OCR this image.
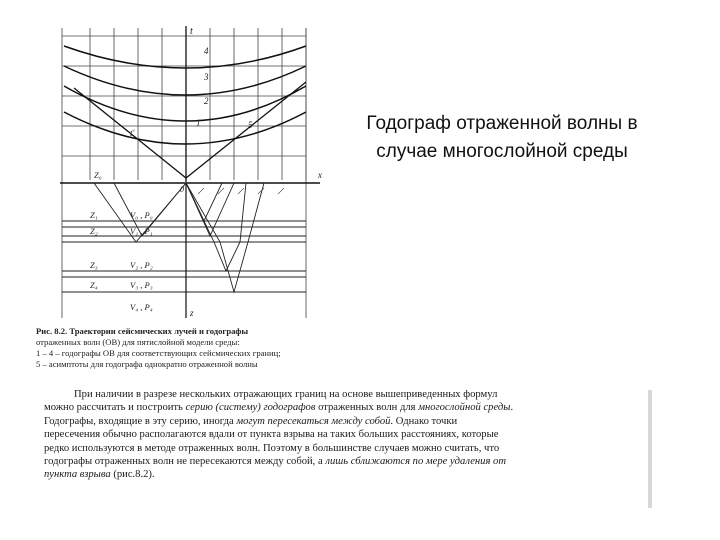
Годограф отраженной волны в
случае многослойной среды
t
4
3
2
1	5
t'
x
0
z
Z₀
Z₁	V₀ , P₀
Z₂	V₁ , P₁
Z₃	V₂ , P₂
Z₄	V₃ , P₃
V₄ , P₄
Рис. 8.2. Траектории сейсмических лучей и годографы
отраженных волн (ОВ) для пятислойной модели среды:
1 – 4 – годографы ОВ для соответствующих сейсмических границ;
5 – асимптоты для годографа однократно отраженной волны
При наличии в разрезе нескольких отражающих границ на основе вышеприведенных формул
можно рассчитать и построить серию (систему) годографов отраженных волн для многослойной среды.
Годографы, входящие в эту серию, иногда могут пересекаться между собой. Однако точки
пересечения обычно располагаются вдали от пункта взрыва на таких больших расстояниях, которые
редко используются в методе отраженных волн. Поэтому в большинстве случаев можно считать, что
годографы отраженных волн не пересекаются между собой, а лишь сближаются по мере удаления от
пункта взрыва (рис.8.2).
